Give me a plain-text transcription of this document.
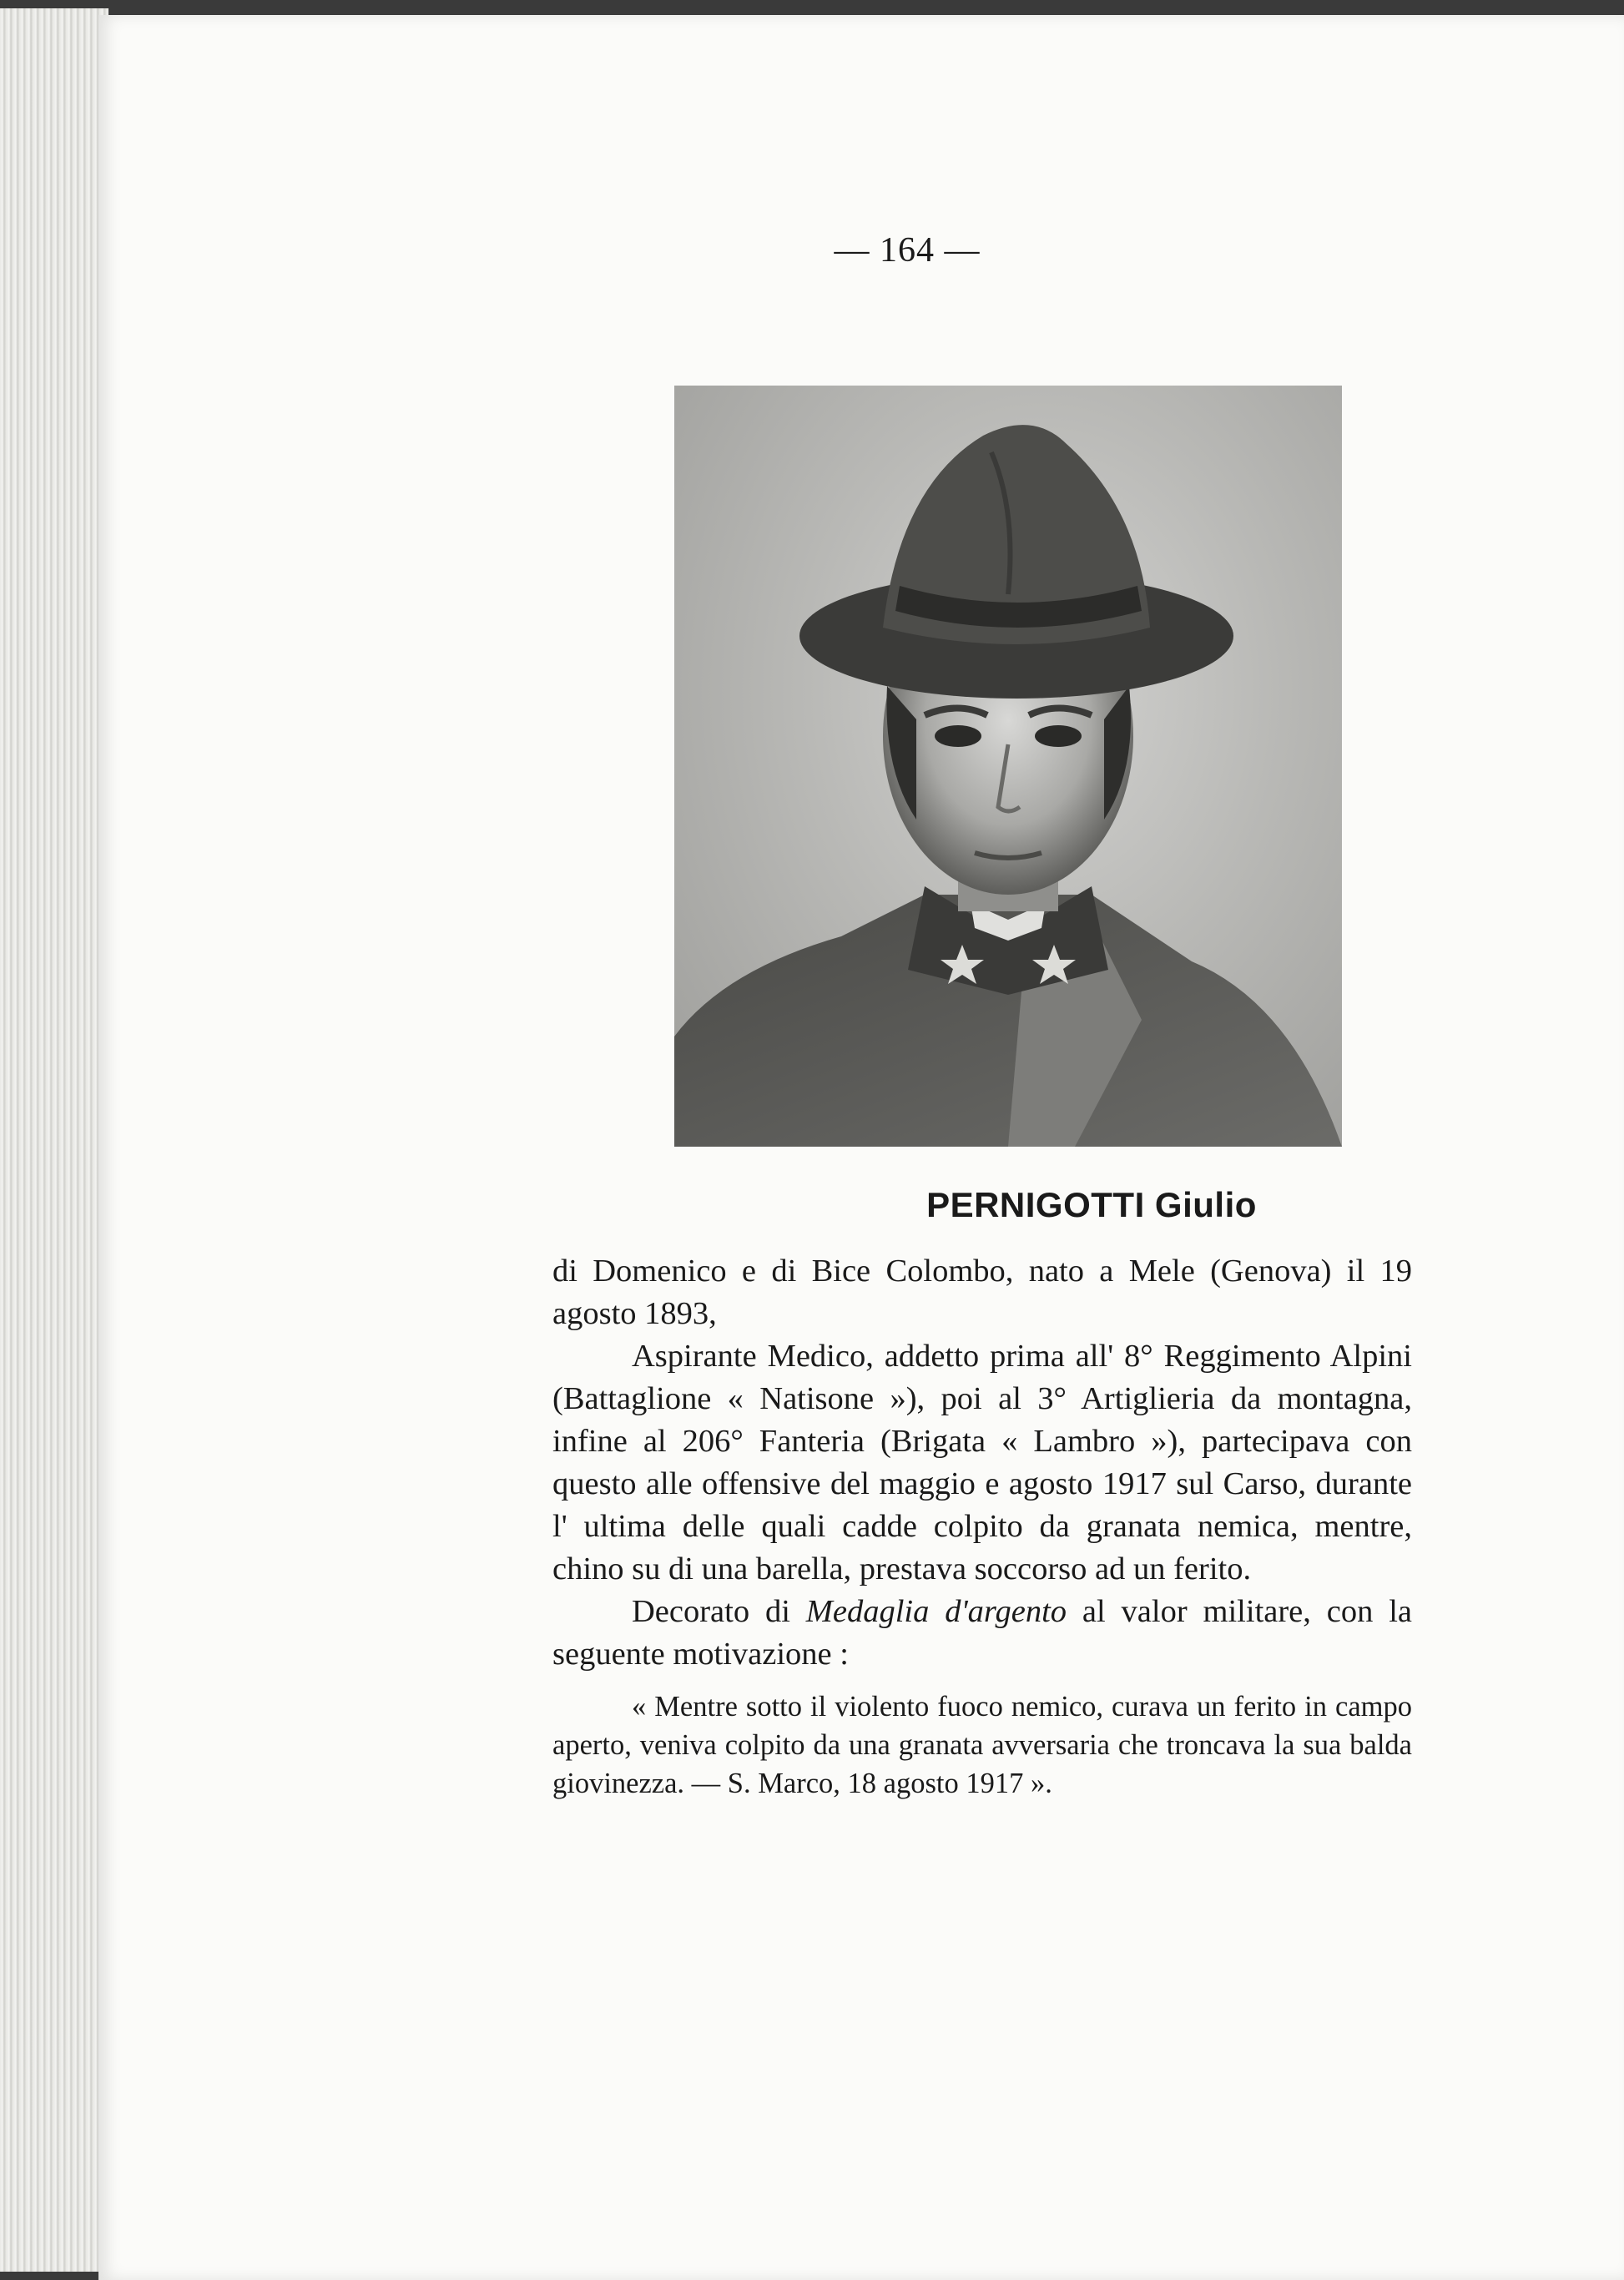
— 164 —
PERNIGOTTI Giulio

di Domenico e di Bice Colombo, nato a Mele (Genova) il 19 agosto 1893,

Aspirante Medico, addetto prima all' 8° Reggimento Alpini (Battaglione « Natisone »), poi al 3° Artiglieria da montagna, infine al 206° Fanteria (Brigata « Lambro »), partecipava con questo alle offensive del maggio e agosto 1917 sul Carso, durante l' ultima delle quali cadde colpito da granata nemica, mentre, chino su di una barella, prestava soccorso ad un ferito.

Decorato di Medaglia d'argento al valor militare, con la seguente motivazione :

« Mentre sotto il violento fuoco nemico, curava un ferito in campo aperto, veniva colpito da una granata avversaria che troncava la sua balda giovinezza. — S. Marco, 18 agosto 1917 ».
